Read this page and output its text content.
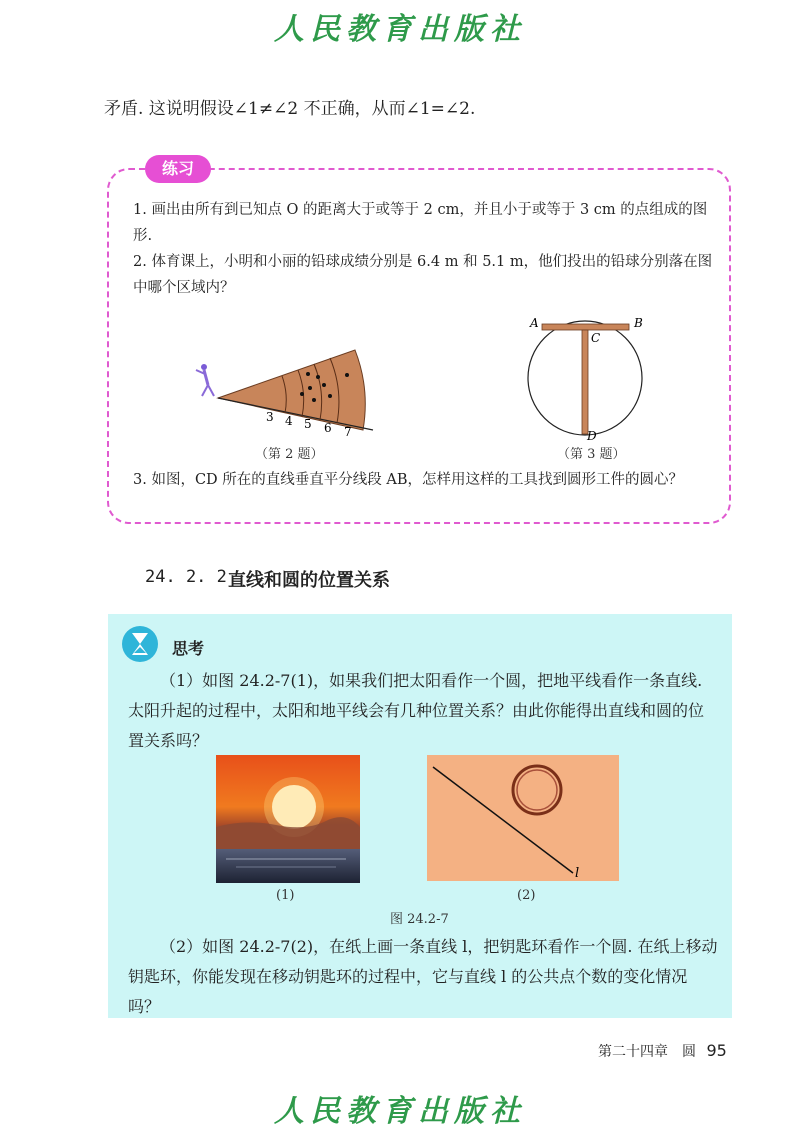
人民教育出版社
矛盾. 这说明假设∠1≠∠2 不正确，从而∠1=∠2.
练习
1. 画出由所有到已知点 O 的距离大于或等于 2 cm，并且小于或等于 3 cm 的点组成的图形.
2. 体育课上，小明和小丽的铅球成绩分别是 6.4 m 和 5.1 m，他们投出的铅球分别落在图中哪个区域内？
3 4 5 6 7
（第 2 题）
A	B
C
D
（第 3 题）
3. 如图，CD 所在的直线垂直平分线段 AB，怎样用这样的工具找到圆形工件的圆心？
24. 2. 2 直线和圆的位置关系
思考
（1）如图 24.2-7(1)，如果我们把太阳看作一个圆，把地平线看作一条直线. 太阳升起的过程中，太阳和地平线会有几种位置关系？由此你能得出直线和圆的位置关系吗？
l
(1)	(2)
图 24.2-7
（2）如图 24.2-7(2)，在纸上画一条直线 l，把钥匙环看作一个圆. 在纸上移动钥匙环，你能发现在移动钥匙环的过程中，它与直线 l 的公共点个数的变化情况吗？
第二十四章　圆 95
人民教育出版社
